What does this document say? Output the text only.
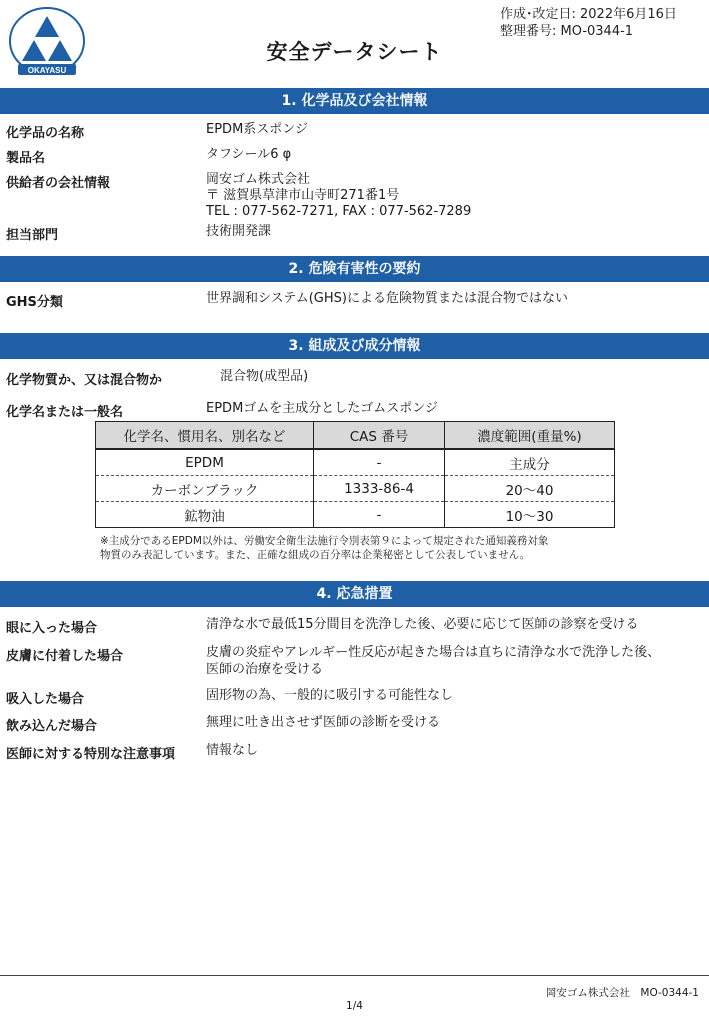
OKAYASU
作成･改定日: 2022年6月16日
整理番号: MO-0344-1
安全データシート
1. 化学品及び会社情報
化学品の名称	EPDM系スポンジ
製品名	タフシール6 φ
供給者の会社情報	岡安ゴム株式会社
〒 滋賀県草津市山寺町271番1号
TEL : 077-562-7271, FAX : 077-562-7289
担当部門	技術開発課
2. 危険有害性の要約
GHS分類	世界調和システム(GHS)による危険物質または混合物ではない
3. 組成及び成分情報
化学物質か、又は混合物か	混合物(成型品)
化学名または一般名	EPDMゴムを主成分としたゴムスポンジ
化学名、慣用名、別名など	CAS 番号	濃度範囲(重量%)
EPDM	-	主成分
カーボンブラック	1333-86-4	20～40
鉱物油	-	10～30
※主成分であるEPDM以外は、労働安全衛生法施行令別表第９によって規定された通知義務対象
物質のみ表記しています。また、正確な組成の百分率は企業秘密として公表していません。
4. 応急措置
眼に入った場合	清浄な水で最低15分間目を洗浄した後、必要に応じて医師の診察を受ける
皮膚に付着した場合	皮膚の炎症やアレルギー性反応が起きた場合は直ちに清浄な水で洗浄した後、
医師の治療を受ける
吸入した場合	固形物の為、一般的に吸引する可能性なし
飲み込んだ場合	無理に吐き出させず医師の診断を受ける
医師に対する特別な注意事項 情報なし
岡安ゴム株式会社　MO-0344-1
1/4
